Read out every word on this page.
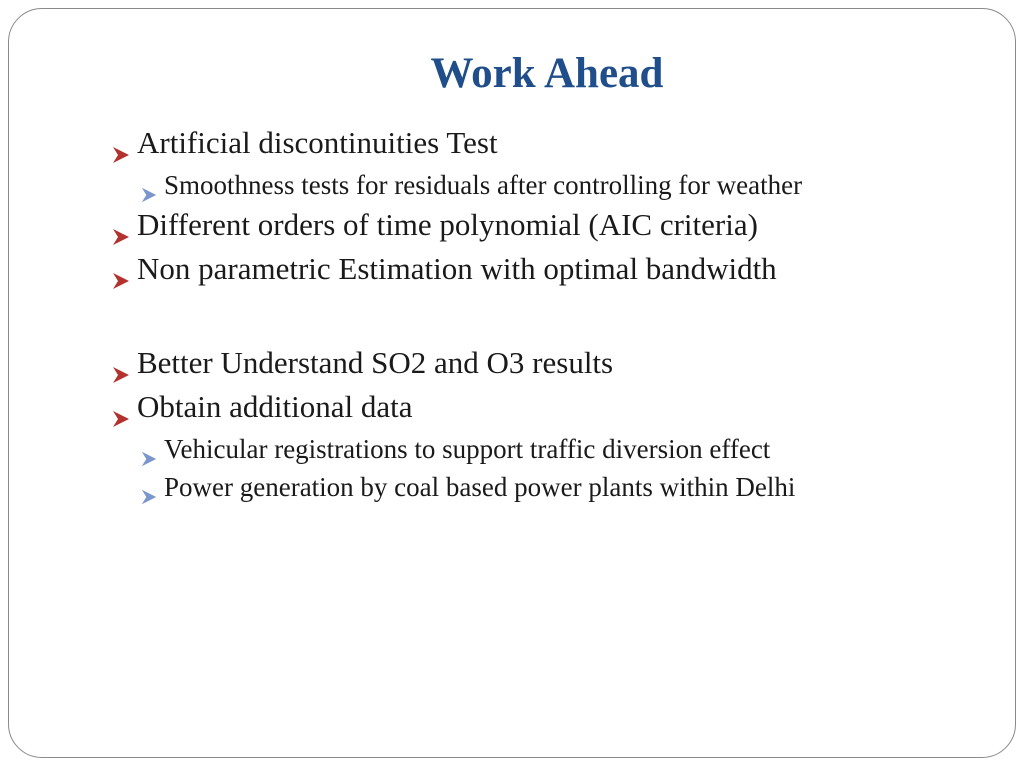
Work Ahead
Artificial discontinuities Test
Smoothness tests for residuals after controlling for weather
Different orders of time polynomial (AIC criteria)
Non parametric Estimation with optimal bandwidth
Better Understand SO2 and O3 results
Obtain additional data
Vehicular registrations to support traffic diversion effect
Power generation by coal based power plants within Delhi
